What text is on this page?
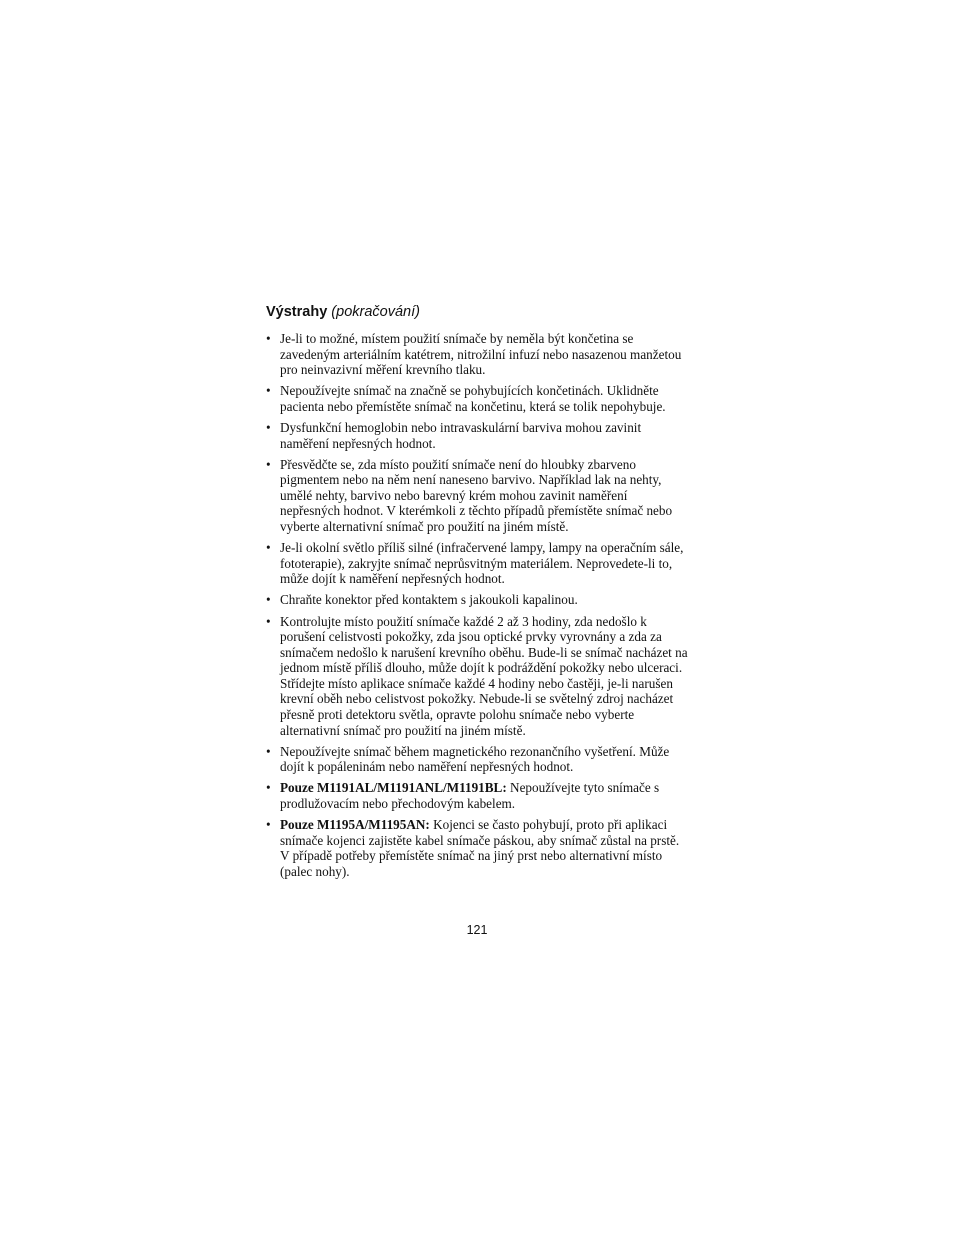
Výstrahy (pokračování)
• Je-li to možné, místem použití snímače by neměla být končetina se zavedeným arteriálním katétrem, nitrožilní infuzí nebo nasazenou manžetou pro neinvazivní měření krevního tlaku.
• Nepoužívejte snímač na značně se pohybujících končetinách. Uklidněte pacienta nebo přemístěte snímač na končetinu, která se tolik nepohybuje.
• Dysfunkční hemoglobin nebo intravaskulární barviva mohou zavinit naměření nepřesných hodnot.
• Přesvědčte se, zda místo použití snímače není do hloubky zbarveno pigmentem nebo na něm není naneseno barvivo. Například lak na nehty, umělé nehty, barvivo nebo barevný krém mohou zavinit naměření nepřesných hodnot. V kterémkoli z těchto případů přemístěte snímač nebo vyberte alternativní snímač pro použití na jiném místě.
• Je-li okolní světlo příliš silné (infračervené lampy, lampy na operačním sále, fototerapie), zakryjte snímač neprůsvitným materiálem. Neprovedete-li to, může dojít k naměření nepřesných hodnot.
• Chraňte konektor před kontaktem s jakoukoli kapalinou.
• Kontrolujte místo použití snímače každé 2 až 3 hodiny, zda nedošlo k porušení celistvosti pokožky, zda jsou optické prvky vyrovnány a zda za snímačem nedošlo k narušení krevního oběhu. Bude-li se snímač nacházet na jednom místě příliš dlouho, může dojít k podráždění pokožky nebo ulceraci. Střídejte místo aplikace snímače každé 4 hodiny nebo častěji, je-li narušen krevní oběh nebo celistvost pokožky. Nebude-li se světelný zdroj nacházet přesně proti detektoru světla, opravte polohu snímače nebo vyberte alternativní snímač pro použití na jiném místě.
• Nepoužívejte snímač během magnetického rezonančního vyšetření. Může dojít k popáleninám nebo naměření nepřesných hodnot.
• Pouze M1191AL/M1191ANL/M1191BL: Nepoužívejte tyto snímače s prodlužovacím nebo přechodovým kabelem.
• Pouze M1195A/M1195AN: Kojenci se často pohybují, proto při aplikaci snímače kojenci zajistěte kabel snímače páskou, aby snímač zůstal na prstě. V případě potřeby přemístěte snímač na jiný prst nebo alternativní místo (palec nohy).
121
